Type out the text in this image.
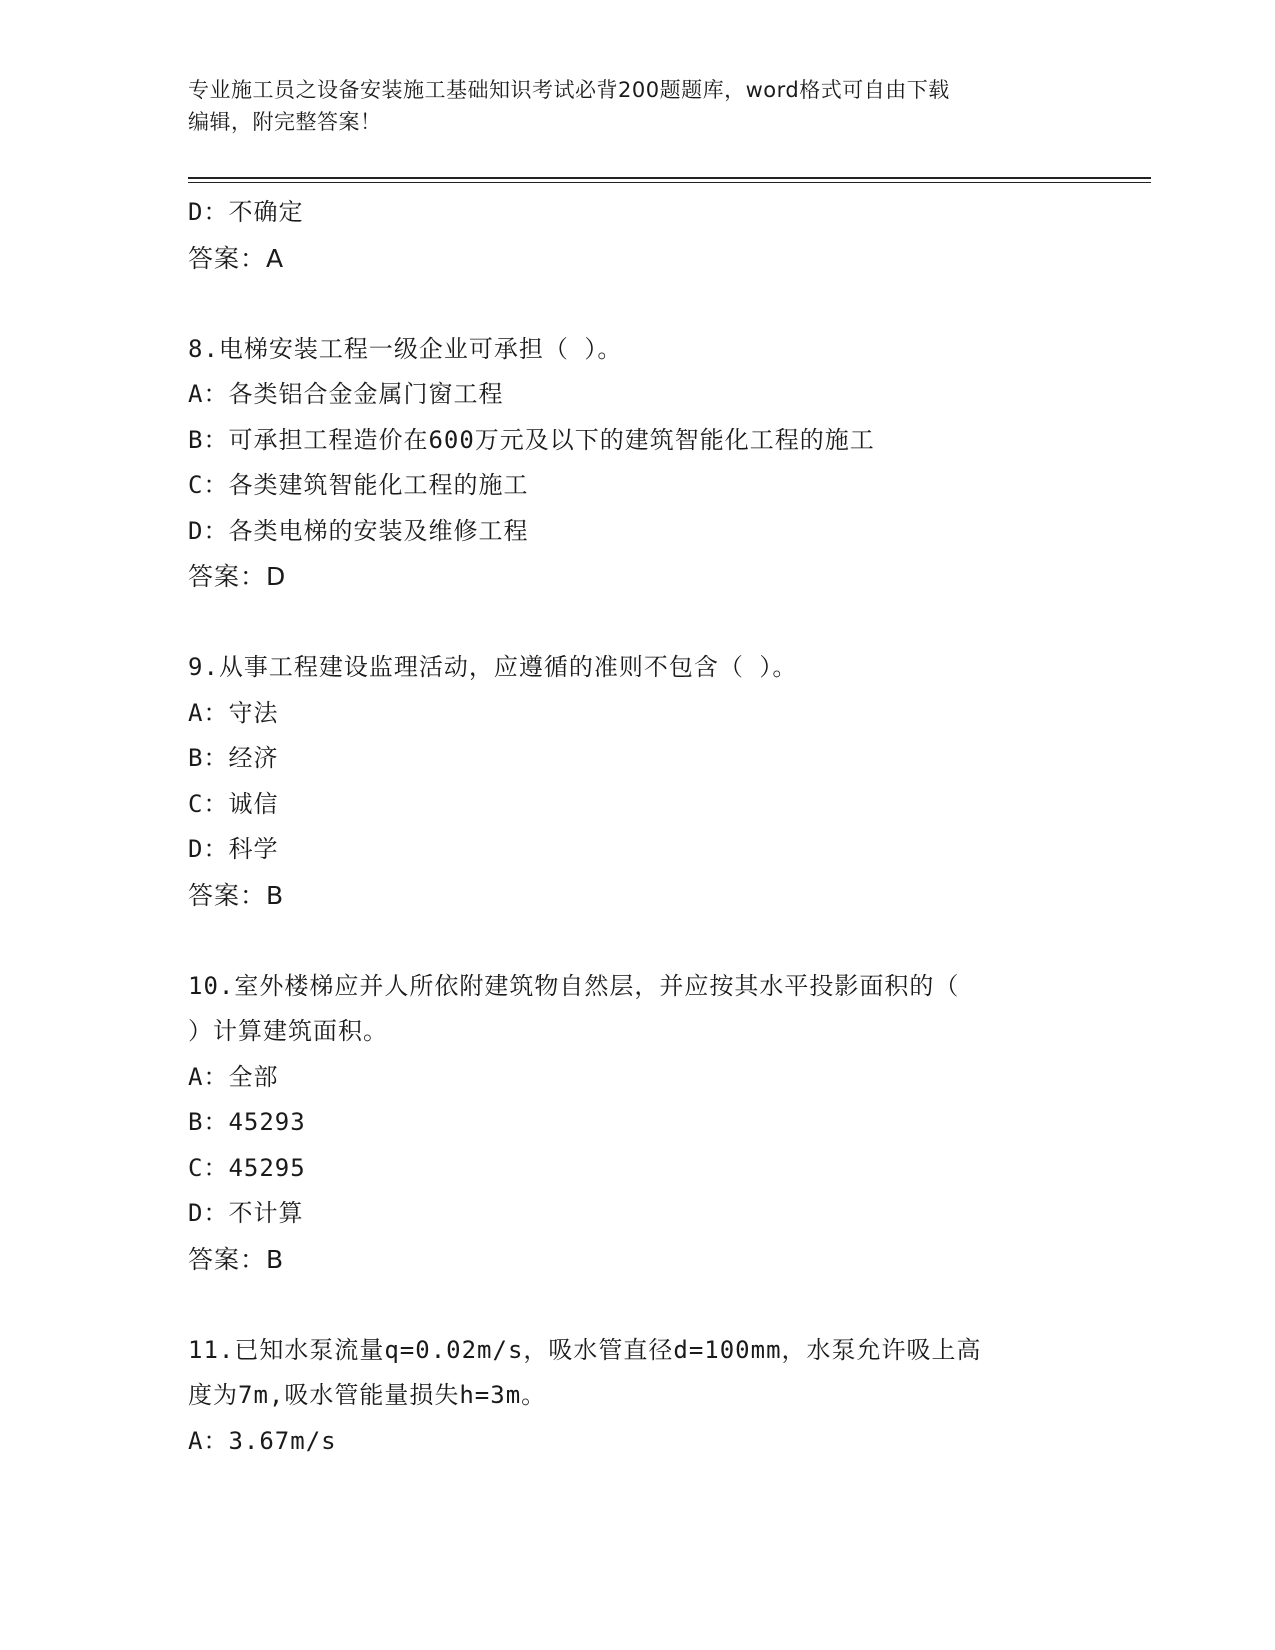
专业施工员之设备安装施工基础知识考试必背200题题库，word格式可自由下载
编辑，附完整答案！
D：不确定
答案：A
8.电梯安装工程一级企业可承担（ ）。
A：各类铝合金金属门窗工程
B：可承担工程造价在600万元及以下的建筑智能化工程的施工
C：各类建筑智能化工程的施工
D：各类电梯的安装及维修工程
答案：D
9.从事工程建设监理活动，应遵循的准则不包含（ ）。
A：守法
B：经济
C：诚信
D：科学
答案：B
10.室外楼梯应并人所依附建筑物自然层，并应按其水平投影面积的（
）计算建筑面积。
A：全部
B：45293
C：45295
D：不计算
答案：B
11.已知水泵流量q=0.02m/s，吸水管直径d=100mm，水泵允许吸上高
度为7m,吸水管能量损失h=3m。
A：3.67m/s
